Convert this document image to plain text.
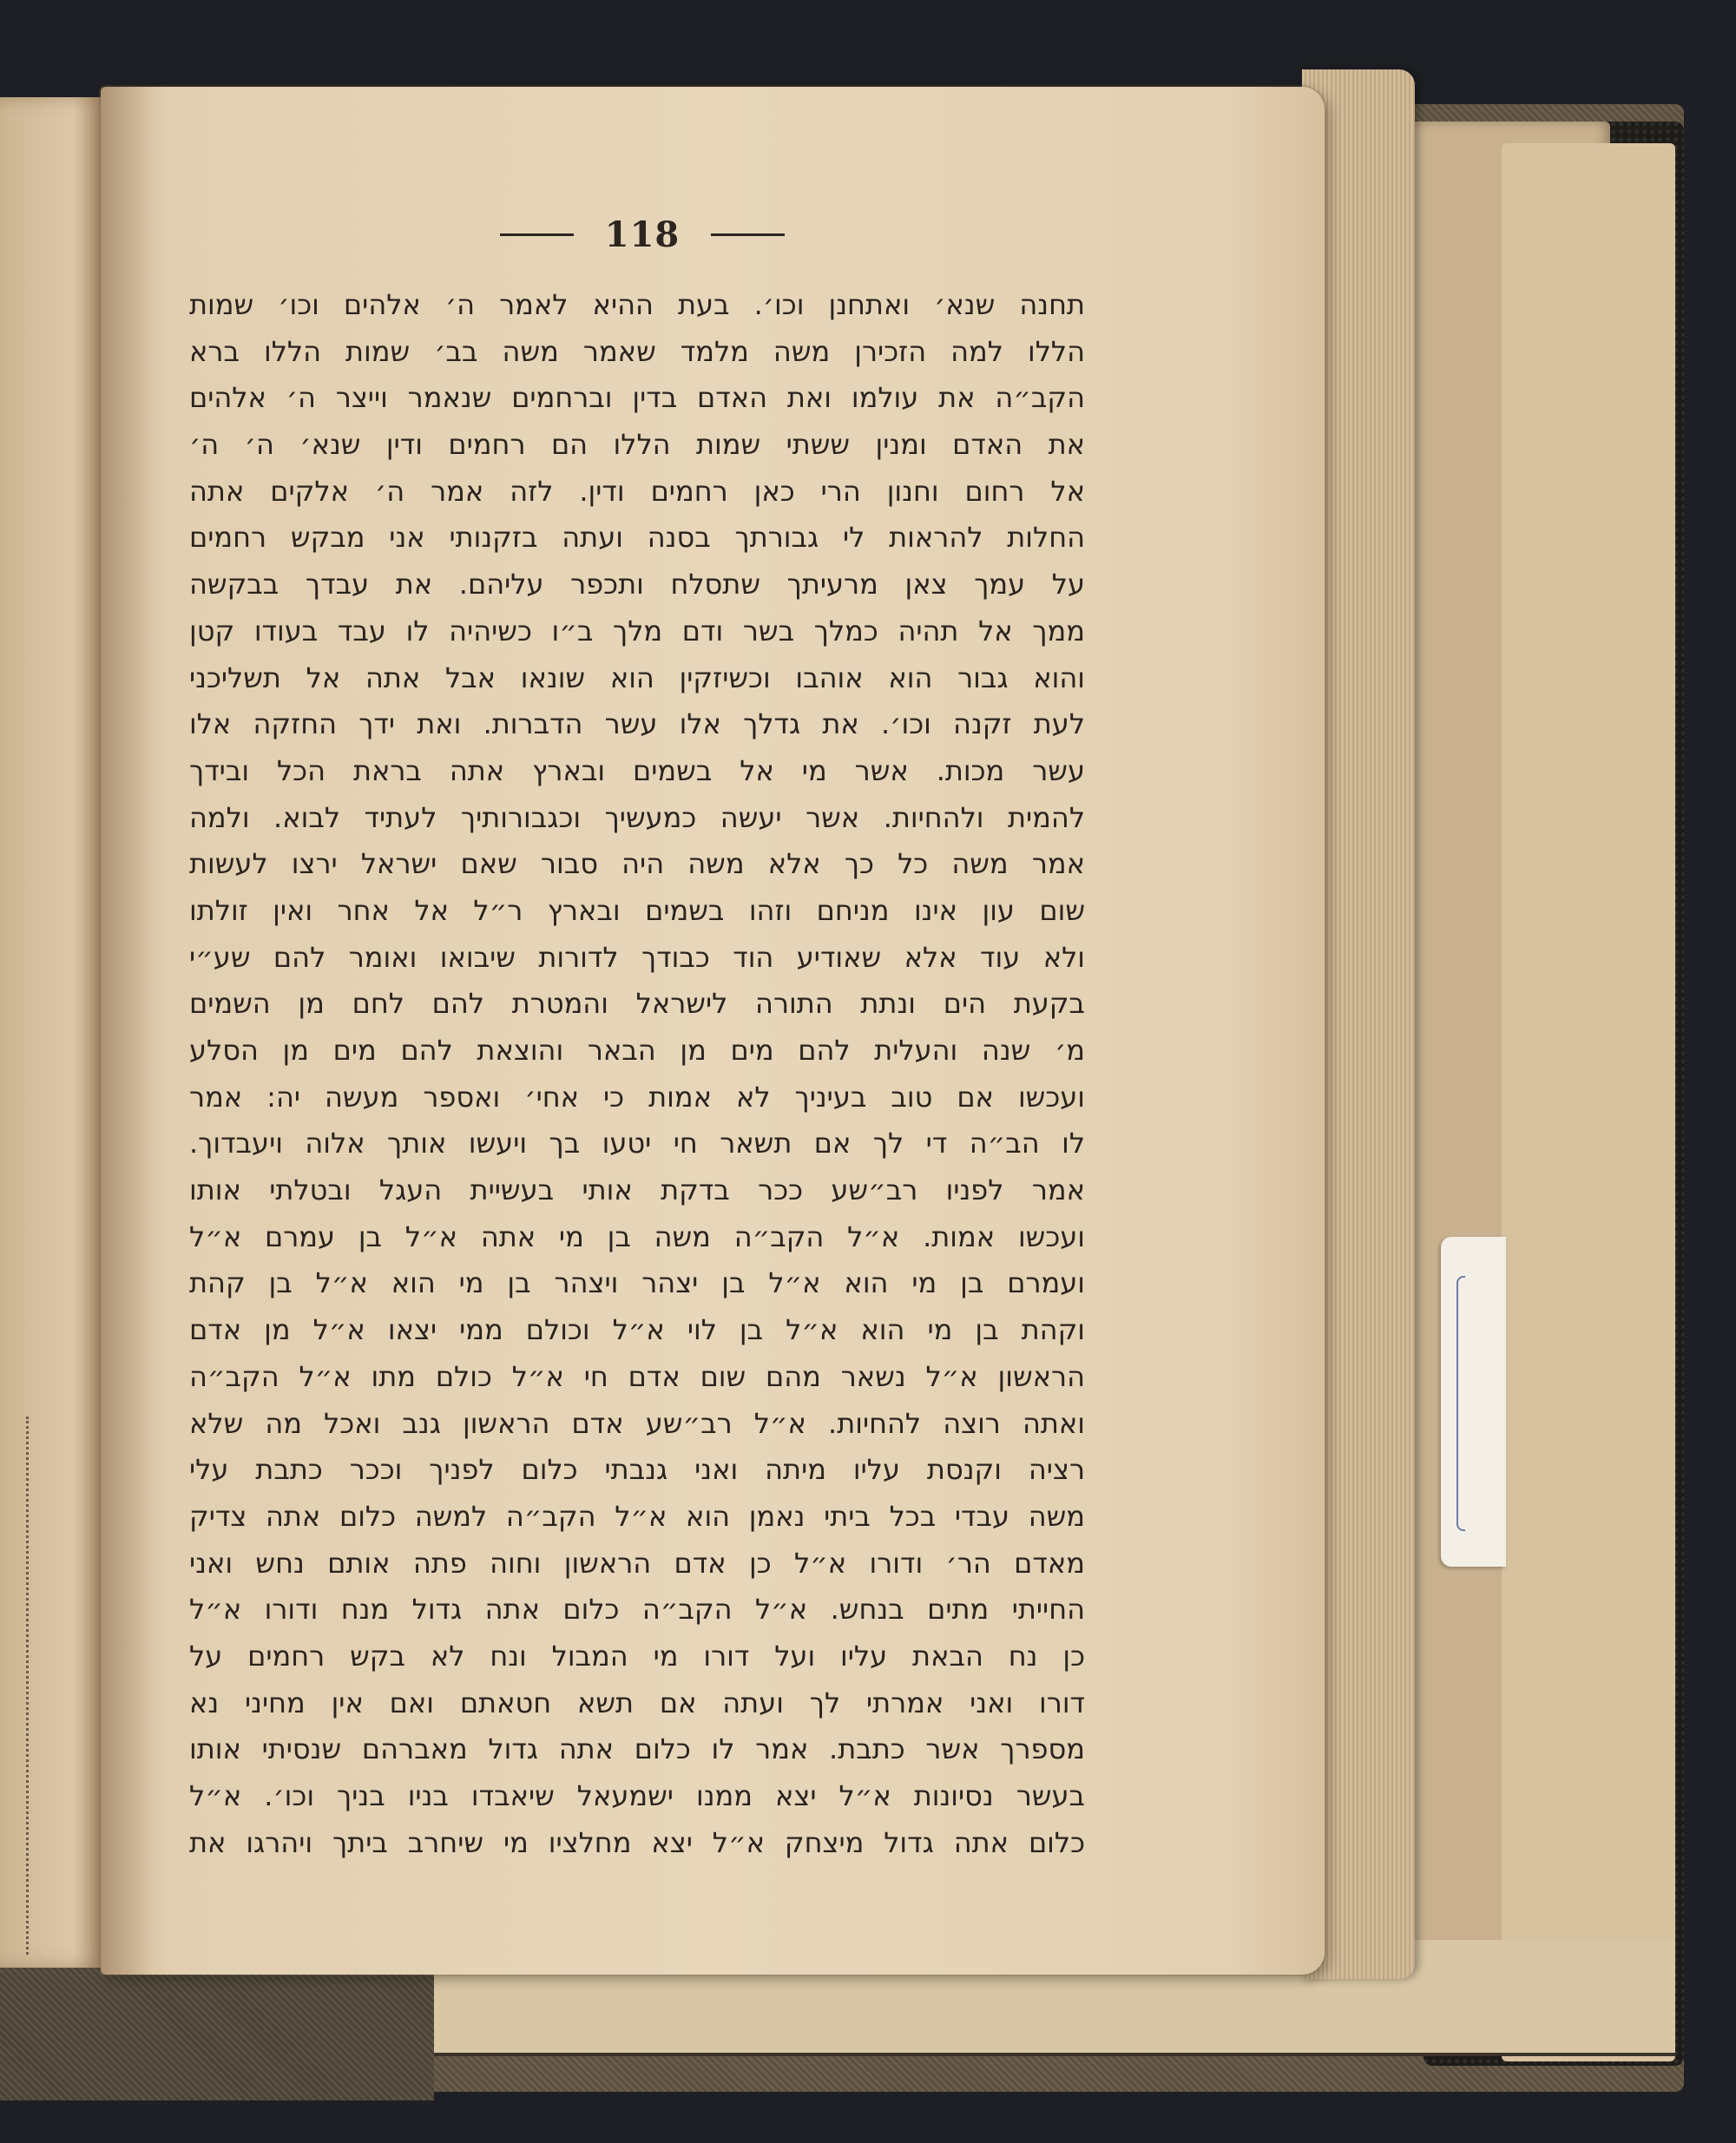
118
תחנה שנא׳ ואתחנן וכו׳. בעת ההיא לאמר ה׳ אלהים וכו׳ שמות
הללו למה הזכירן משה מלמד שאמר משה בב׳ שמות הללו ברא
הקב״ה את עולמו ואת האדם בדין וברחמים שנאמר וייצר ה׳ אלהים
את האדם ומנין ששתי שמות הללו הם רחמים ודין שנא׳ ה׳ ה׳
אל רחום וחנון הרי כאן רחמים ודין. לזה אמר ה׳ אלקים אתה
החלות להראות לי גבורתך בסנה ועתה בזקנותי אני מבקש רחמים
על עמך צאן מרעיתך שתסלח ותכפר עליהם. את עבדך בבקשה
ממך אל תהיה כמלך בשר ודם מלך ב״ו כשיהיה לו עבד בעודו קטן
והוא גבור הוא אוהבו וכשיזקין הוא שונאו אבל אתה אל תשליכני
לעת זקנה וכו׳. את גדלך אלו עשר הדברות. ואת ידך החזקה אלו
עשר מכות. אשר מי אל בשמים ובארץ אתה בראת הכל ובידך
להמית ולהחיות. אשר יעשה כמעשיך וכגבורותיך לעתיד לבוא. ולמה
אמר משה כל כך אלא משה היה סבור שאם ישראל ירצו לעשות
שום עון אינו מניחם וזהו בשמים ובארץ ר״ל אל אחר ואין זולתו
ולא עוד אלא שאודיע הוד כבודך לדורות שיבואו ואומר להם שע״י
בקעת הים ונתת התורה לישראל והמטרת להם לחם מן השמים
מ׳ שנה והעלית להם מים מן הבאר והוצאת להם מים מן הסלע
ועכשו אם טוב בעיניך לא אמות כי אחי׳ ואספר מעשה יה: אמר
לו הב״ה די לך אם תשאר חי יטעו בך ויעשו אותך אלוה ויעבדוך.
אמר לפניו רב״שע ככר בדקת אותי בעשיית העגל ובטלתי אותו
ועכשו אמות. א״ל הקב״ה משה בן מי אתה א״ל בן עמרם א״ל
ועמרם בן מי הוא א״ל בן יצהר ויצהר בן מי הוא א״ל בן קהת
וקהת בן מי הוא א״ל בן לוי א״ל וכולם ממי יצאו א״ל מן אדם
הראשון א״ל נשאר מהם שום אדם חי א״ל כולם מתו א״ל הקב״ה
ואתה רוצה להחיות. א״ל רב״שע אדם הראשון גנב ואכל מה שלא
רציה וקנסת עליו מיתה ואני גנבתי כלום לפניך וככר כתבת עלי
משה עבדי בכל ביתי נאמן הוא א״ל הקב״ה למשה כלום אתה צדיק
מאדם הר׳ ודורו א״ל כן אדם הראשון וחוה פתה אותם נחש ואני
החייתי מתים בנחש. א״ל הקב״ה כלום אתה גדול מנח ודורו א״ל
כן נח הבאת עליו ועל דורו מי המבול ונח לא בקש רחמים על
דורו ואני אמרתי לך ועתה אם תשא חטאתם ואם אין מחיני נא
מספרך אשר כתבת. אמר לו כלום אתה גדול מאברהם שנסיתי אותו
בעשר נסיונות א״ל יצא ממנו ישמעאל שיאבדו בניו בניך וכו׳. א״ל
כלום אתה גדול מיצחק א״ל יצא מחלציו מי שיחרב ביתך ויהרגו את
